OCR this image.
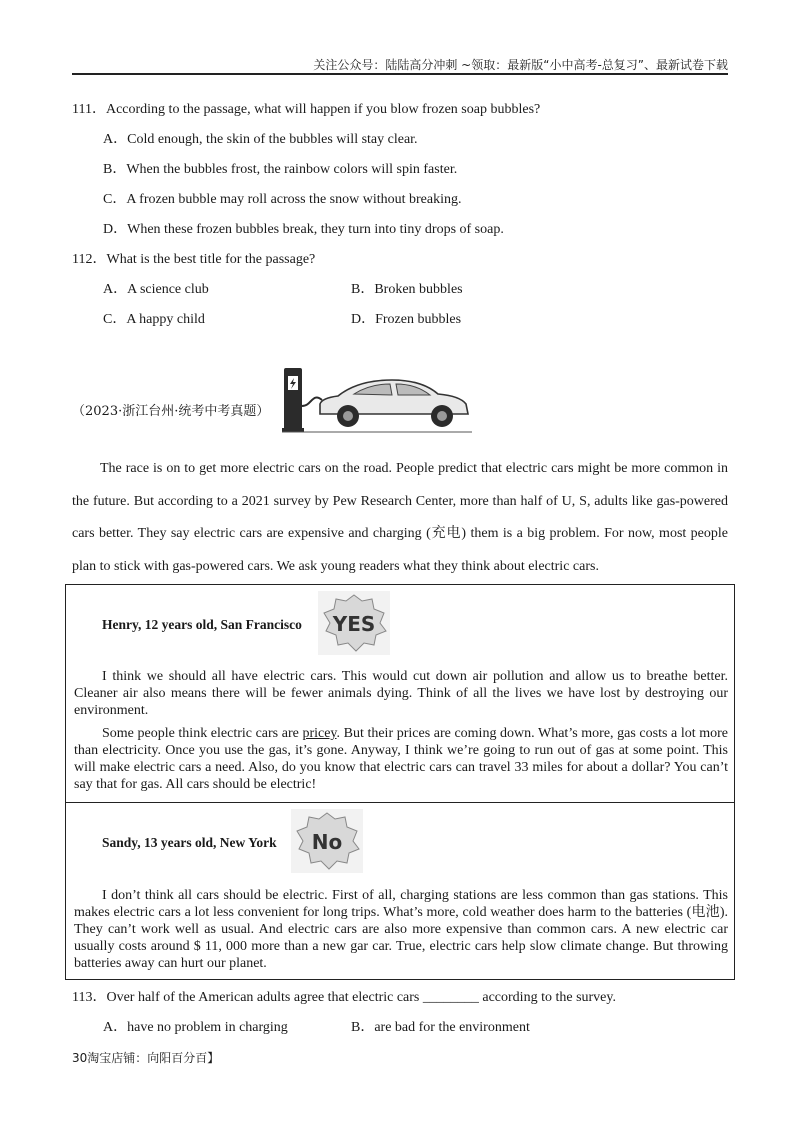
关注公众号：陆陆高分冲刺 ~领取：最新版“小中高考-总复习”、最新试卷下载
111．According to the passage, what will happen if you blow frozen soap bubbles?
A．Cold enough, the skin of the bubbles will stay clear.
B．When the bubbles frost, the rainbow colors will spin faster.
C．A frozen bubble may roll across the snow without breaking.
D．When these frozen bubbles break, they turn into tiny drops of soap.
112．What is the best title for the passage?
A．A science club	B．Broken bubbles
C．A happy child	D．Frozen bubbles
（2023·浙江台州·统考中考真题）
The race is on to get more electric cars on the road. People predict that electric cars might be more common in the future. But according to a 2021 survey by Pew Research Center, more than half of U, S, adults like gas-powered cars better. They say electric cars are expensive and charging (充电) them is a big problem. For now, most people plan to stick with gas-powered cars. We ask young readers what they think about electric cars.
Henry, 12 years old, San Francisco YES
I think we should all have electric cars. This would cut down air pollution and allow us to breathe better. Cleaner air also means there will be fewer animals dying. Think of all the lives we have lost by destroying our environment.
Some people think electric cars are pricey. But their prices are coming down. What’s more, gas costs a lot more than electricity. Once you use the gas, it’s gone. Anyway, I think we’re going to run out of gas at some point. This will make electric cars a need. Also, do you know that electric cars can travel 33 miles for about a dollar? You can’t say that for gas. All cars should be electric!
Sandy, 13 years old, New York No
I don’t think all cars should be electric. First of all, charging stations are less common than gas stations. This makes electric cars a lot less convenient for long trips. What’s more, cold weather does harm to the batteries (电池). They can’t work well as usual. And electric cars are also more expensive than common cars. A new electric car usually costs around $ 11, 000 more than a new gar car. True, electric cars help slow climate change. But throwing batteries away can hurt our planet.
113．Over half of the American adults agree that electric cars ________ according to the survey.
A．have no problem in charging	B．are bad for the environment
30淘宝店铺：向阳百分百】
